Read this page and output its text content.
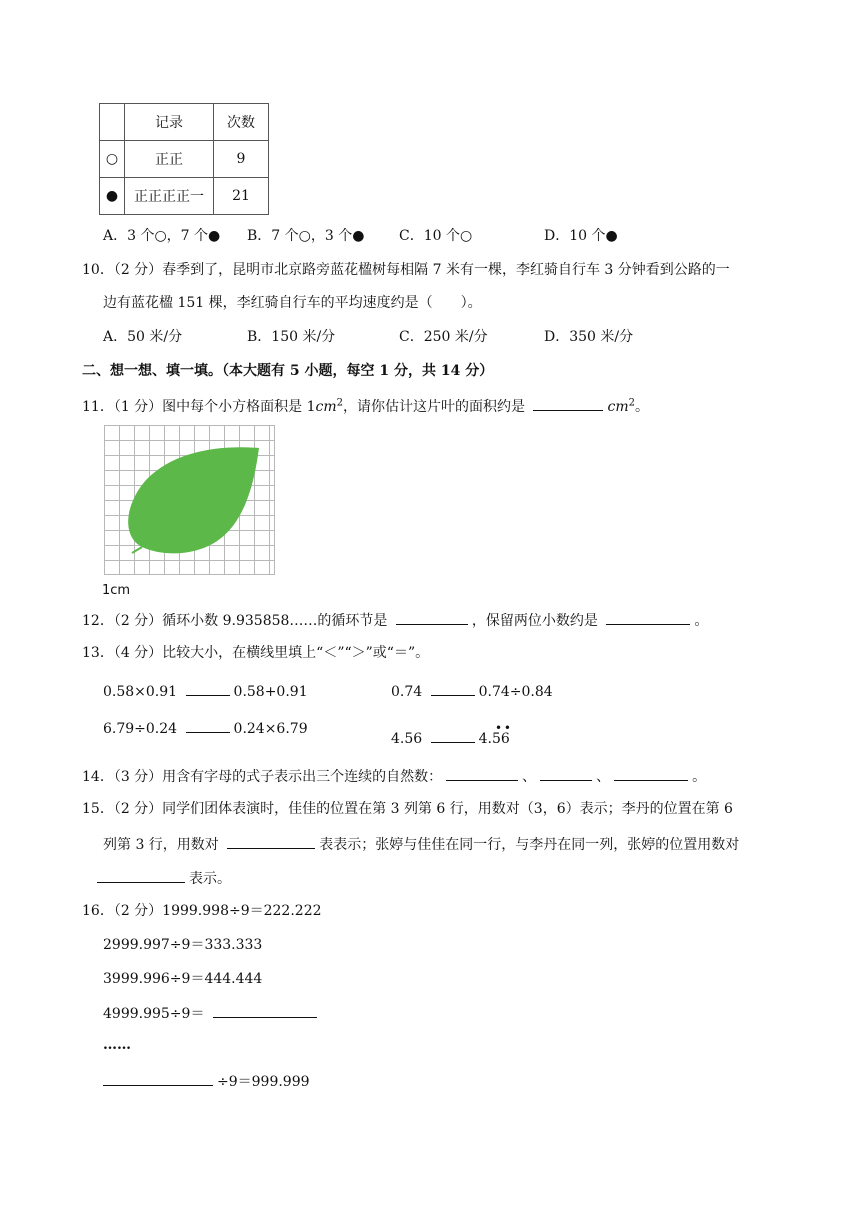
	记录	次数
○	正正	9
●	正正正正一	21
A．3 个○，7 个● B．7 个○，3 个● C．10 个○	D．10 个●
10．（2 分）春季到了，昆明市北京路旁蓝花楹树每相隔 7 米有一棵，李红骑自行车 3 分钟看到公路的一
边有蓝花楹 151 棵，李红骑自行车的平均速度约是（　　）。
A．50 米/分	B．150 米/分	C．250 米/分	D．350 米/分
二、想一想、填一填。（本大题有 5 小题，每空 1 分，共 14 分）
11．（1 分）图中每个小方格面积是 $1cm^2$，请你估计这片叶的面积约是	$cm^2$。
1cm
12．（2 分）循环小数 9.935858……的循环节是	，保留两位小数约是	。
13．（4 分）比较大小，在横线里填上“＜”“＞”或“＝”。
0.58×0.91	0.58+0.91	0.74	0.74÷0.84
6.79÷0.24	0.24×6.79
4.56	4.
•
5
•
6
14．（3 分）用含有字母的式子表示出三个连续的自然数：	、	、	。
15．（2 分）同学们团体表演时，佳佳的位置在第 3 列第 6 行，用数对（3，6）表示；李丹的位置在第 6
列第 3 行，用数对	表表示；张婷与佳佳在同一行，与李丹在同一列，张婷的位置用数对
表示。
16．（2 分）1999.998÷9＝222.222
2999.997÷9＝333.333
3999.996÷9＝444.444
4999.995÷9＝
……
÷9＝999.999
